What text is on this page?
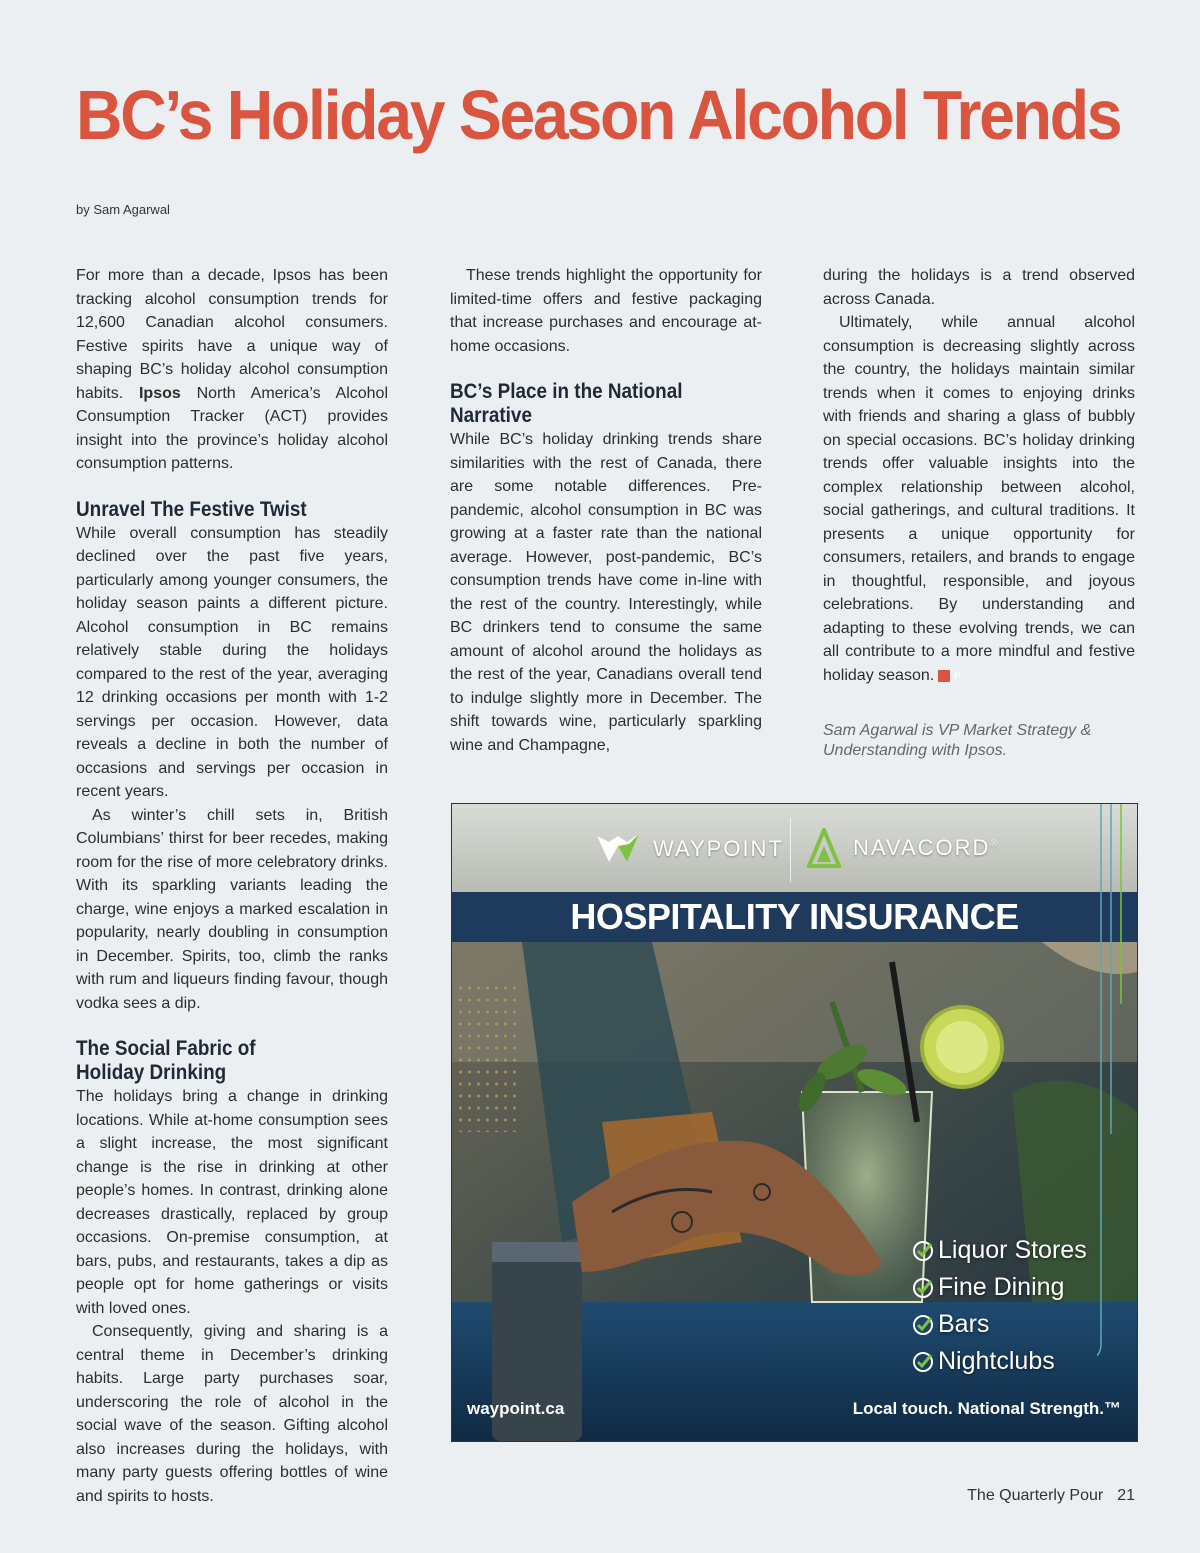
BC’s Holiday Season Alcohol Trends
by Sam Agarwal

For more than a decade, Ipsos has been tracking alcohol consumption trends for 12,600 Canadian alcohol consumers. Festive spirits have a unique way of shaping BC’s holiday alcohol consumption habits. Ipsos North America’s Alcohol Consumption Tracker (ACT) provides insight into the province’s holiday alcohol consumption patterns.

Unravel The Festive Twist

While overall consumption has steadily declined over the past five years, particularly among younger consumers, the holiday season paints a different picture. Alcohol consumption in BC remains relatively stable during the holidays compared to the rest of the year, averaging 12 drinking occasions per month with 1-2 servings per occasion. However, data reveals a decline in both the number of occasions and servings per occasion in recent years.

As winter’s chill sets in, British Columbians’ thirst for beer recedes, making room for the rise of more celebratory drinks. With its sparkling variants leading the charge, wine enjoys a marked escalation in popularity, nearly doubling in consumption in December. Spirits, too, climb the ranks with rum and liqueurs finding favour, though vodka sees a dip.

The Social Fabric of Holiday Drinking

The holidays bring a change in drinking locations. While at-home consumption sees a slight increase, the most significant change is the rise in drinking at other people’s homes. In contrast, drinking alone decreases drastically, replaced by group occasions. On-premise consumption, at bars, pubs, and restaurants, takes a dip as people opt for home gatherings or visits with loved ones.

Consequently, giving and sharing is a central theme in December’s drinking habits. Large party purchases soar, underscoring the role of alcohol in the social wave of the season. Gifting alcohol also increases during the holidays, with many party guests offering bottles of wine and spirits to hosts.

These trends highlight the opportunity for limited-time offers and festive packaging that increase purchases and encourage at-home occasions.

BC’s Place in the National Narrative

While BC’s holiday drinking trends share similarities with the rest of Canada, there are some notable differences. Pre-pandemic, alcohol consumption in BC was growing at a faster rate than the national average. However, post-pandemic, BC’s consumption trends have come in-line with the rest of the country. Interestingly, while BC drinkers tend to consume the same amount of alcohol around the holidays as the rest of the year, Canadians overall tend to indulge slightly more in December. The shift towards wine, particularly sparkling wine and Champagne,

during the holidays is a trend observed across Canada.

Ultimately, while annual alcohol consumption is decreasing slightly across the country, the holidays maintain similar trends when it comes to enjoying drinks with friends and sharing a glass of bubbly on special occasions. BC’s holiday drinking trends offer valuable insights into the complex relationship between alcohol, social gatherings, and cultural traditions. It presents a unique opportunity for consumers, retailers, and brands to engage in thoughtful, responsible, and joyous celebrations. By understanding and adapting to these evolving trends, we can all contribute to a more mindful and festive holiday season. P

Sam Agarwal is VP Market Strategy & Understanding with Ipsos.

WAYPOINT	NAVACORD®
HOSPITALITY INSURANCE
Liquor Stores
Fine Dining
Bars
Nightclubs
waypoint.ca	Local touch. National Strength.™
The Quarterly Pour 21
